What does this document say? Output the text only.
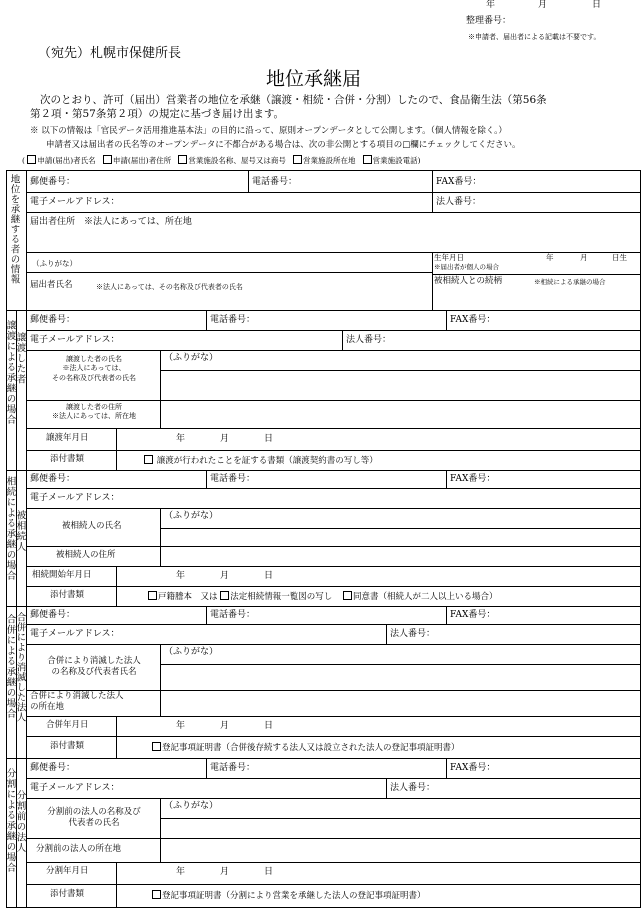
年	月	日
整理番号：
※申請者、届出者による記載は不要です。
（宛先）札幌市保健所長
地位承継届
次のとおり、許可（届出）営業者の地位を承継（譲渡・相続・合併・分割）したので、食品衛生法（第56条
第２項・第57条第２項）の規定に基づき届け出ます。
※ 以下の情報は「官民データ活用推進基本法」の目的に沿って、原則オープンデータとして公開します。（個人情報を除く。）
申請者又は届出者の氏名等のオープンデータに不都合がある場合は、次の非公開とする項目の□欄にチェックしてください。
( 申請(届出)者氏名 申請(届出)者住所 営業施設名称、屋号又は商号 営業施設所在地 営業施設電話)
地位を承継する者の情報 郵便番号：	電話番号：	FAX番号：
電子メールアドレス：	法人番号：
届出者住所　※法人にあっては、所在地
（ふりがな）
生年月日	年	月	日生
※届出者が個人の場合
届出者氏名	※法人にあっては、その名称及び代表者の氏名
被相続人との続柄	※相続による承継の場合
譲渡による承継の場合 譲渡した者
郵便番号：	電話番号：	FAX番号：
電子メールアドレス：	法人番号：
譲渡した者の氏名
※法人にあっては、
その名称及び代表者の氏名
（ふりがな）
譲渡した者の住所
※法人にあっては、所在地
譲渡年月日	年	月	日
添付書類	譲渡が行われたことを証する書類（譲渡契約書の写し等）
相続による承継の場合 被相続人
郵便番号：	電話番号：	FAX番号：
電子メールアドレス：
被相続人の氏名
（ふりがな）
被相続人の住所
相続開始年月日	年	月	日
添付書類	戸籍謄本　又は 法定相続情報一覧図の写し 同意書（相続人が二人以上いる場合）
合併による承継の場合 合併により消滅した法人 郵便番号：	電話番号：	FAX番号：
電子メールアドレス：	法人番号：
合併により消滅した法人
の名称及び代表者氏名
（ふりがな）
合併により消滅した法人
の所在地
合併年月日	年	月	日
添付書類	登記事項証明書（合併後存続する法人又は設立された法人の登記事項証明書）
分割による承継の場合 分割前の法人
郵便番号：	電話番号：	FAX番号：
電子メールアドレス：	法人番号：
分割前の法人の名称及び
代表者の氏名
（ふりがな）
分割前の法人の所在地
分割年月日	年	月	日
添付書類	登記事項証明書（分割により営業を承継した法人の登記事項証明書）
